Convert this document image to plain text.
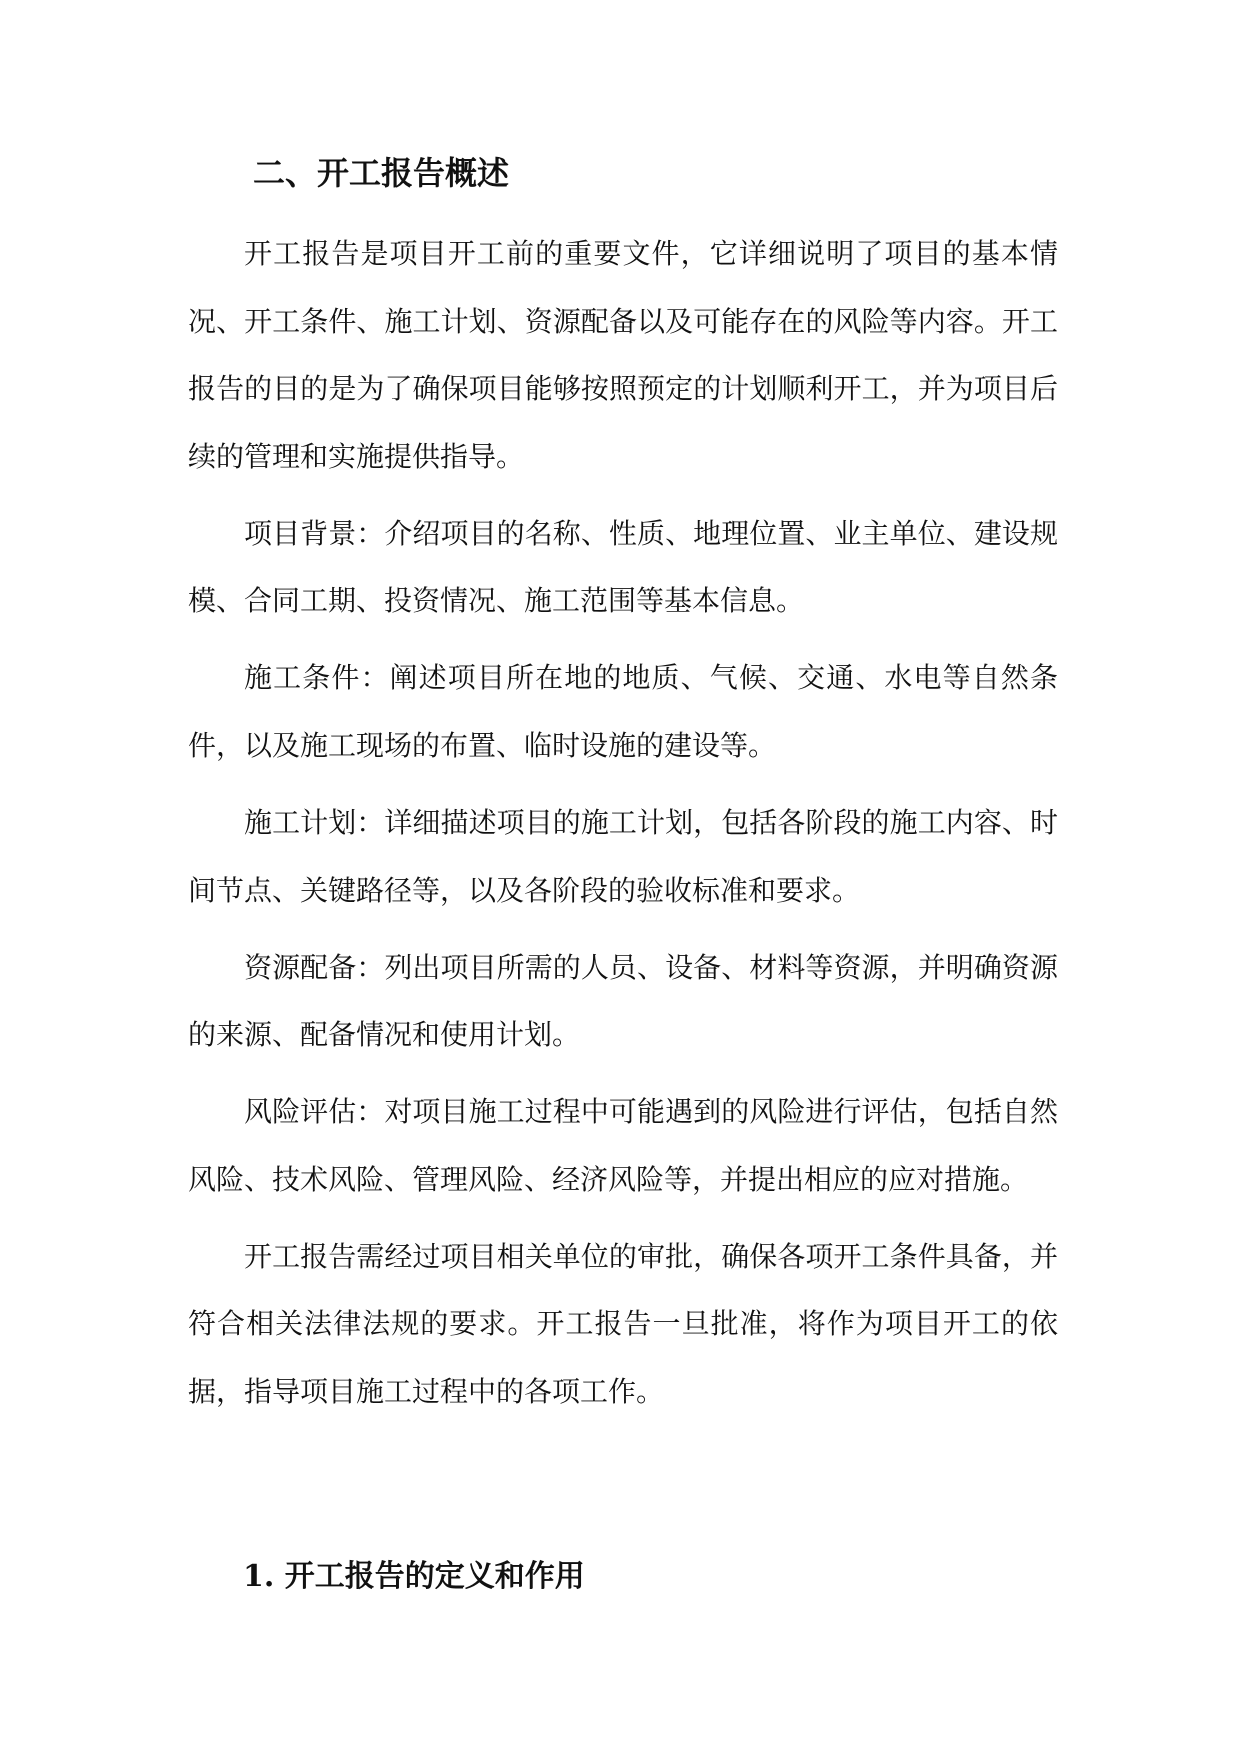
二、开工报告概述

开工报告是项目开工前的重要文件，它详细说明了项目的基本情况、开工条件、施工计划、资源配备以及可能存在的风险等内容。开工报告的目的是为了确保项目能够按照预定的计划顺利开工，并为项目后续的管理和实施提供指导。

项目背景：介绍项目的名称、性质、地理位置、业主单位、建设规模、合同工期、投资情况、施工范围等基本信息。

施工条件：阐述项目所在地的地质、气候、交通、水电等自然条件，以及施工现场的布置、临时设施的建设等。

施工计划：详细描述项目的施工计划，包括各阶段的施工内容、时间节点、关键路径等，以及各阶段的验收标准和要求。

资源配备：列出项目所需的人员、设备、材料等资源，并明确资源的来源、配备情况和使用计划。

风险评估：对项目施工过程中可能遇到的风险进行评估，包括自然风险、技术风险、管理风险、经济风险等，并提出相应的应对措施。

开工报告需经过项目相关单位的审批，确保各项开工条件具备，并符合相关法律法规的要求。开工报告一旦批准，将作为项目开工的依据，指导项目施工过程中的各项工作。

1. 开工报告的定义和作用
